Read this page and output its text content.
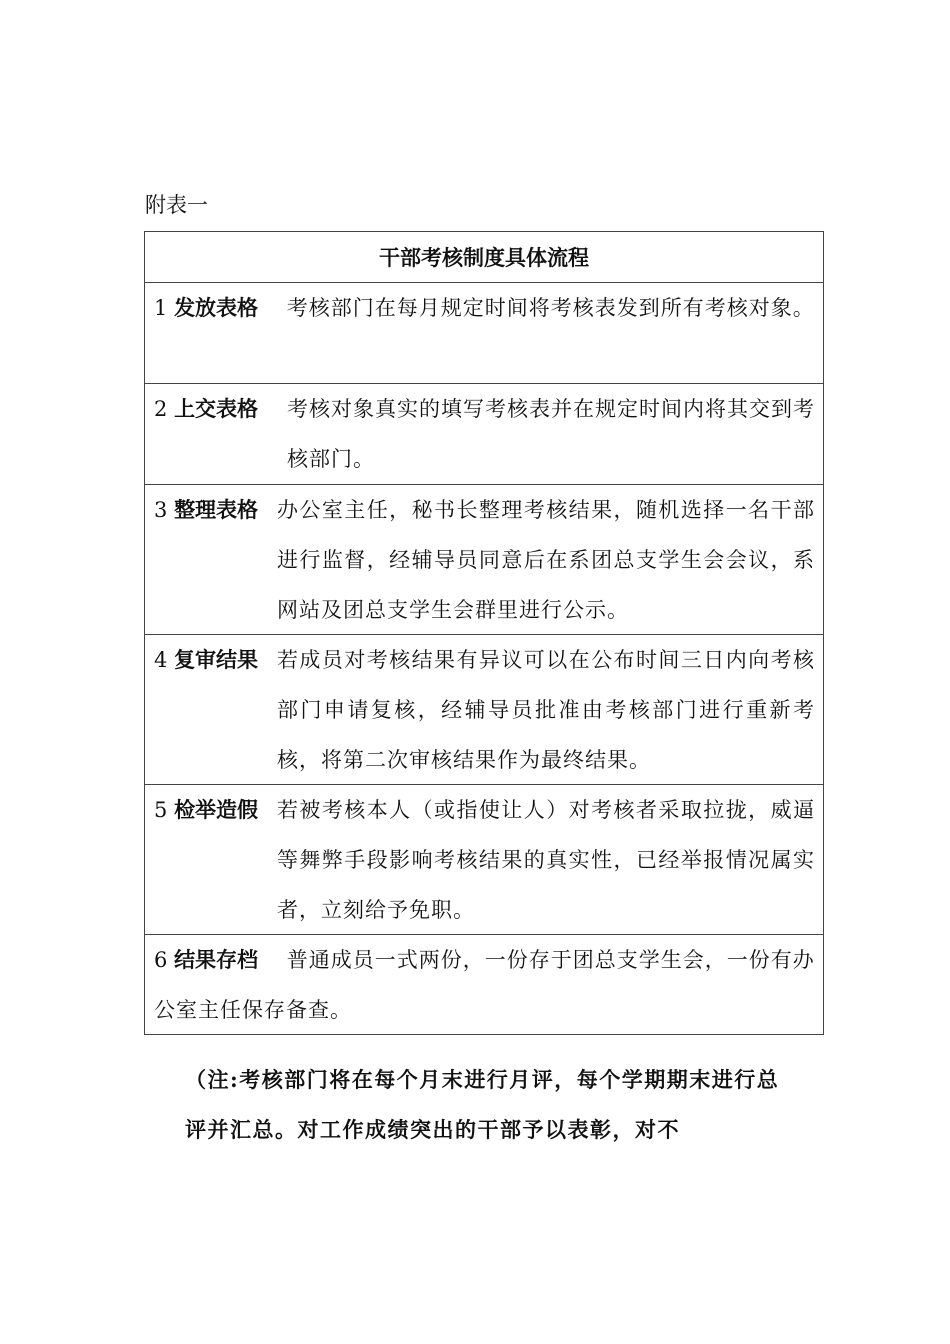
附表一
干部考核制度具体流程
1 发放表格 考核部门在每月规定时间将考核表发到所有考核对象。
2 上交表格	考核对象真实的填写考核表并在规定时间内将其交到考核部门。
3 整理表格 办公室主任，秘书长整理考核结果，随机选择一名干部进行监督，经辅导员同意后在系团总支学生会会议，系网站及团总支学生会群里进行公示。
4 复审结果 若成员对考核结果有异议可以在公布时间三日内向考核部门申请复核，经辅导员批准由考核部门进行重新考核，将第二次审核结果作为最终结果。
5 检举造假 若被考核本人（或指使让人）对考核者采取拉拢，威逼等舞弊手段影响考核结果的真实性，已经举报情况属实者，立刻给予免职。
6 结果存档 普通成员一式两份，一份存于团总支学生会，一份有办公室主任保存备查。
（注:考核部门将在每个月末进行月评，每个学期期末进行总评并汇总。对工作成绩突出的干部予以表彰，对不
